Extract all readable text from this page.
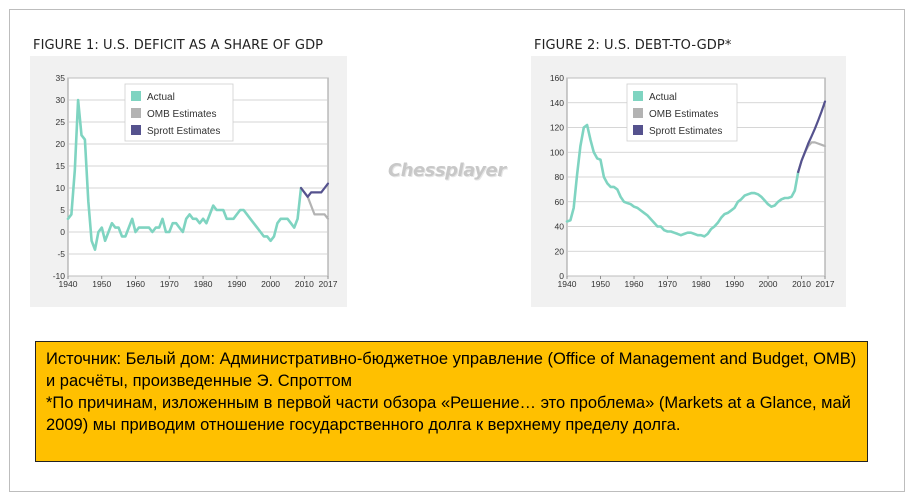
FIGURE 1: U.S. DEFICIT AS A SHARE OF GDP	FIGURE 2: U.S. DEBT-TO-GDP*
35
30
25
20
15
10
5
0
-5
-10
1940 1950 1960 1970 1980 1990 2000 2010 2017
Actual
OMB Estimates
Sprott Estimates
160
140
120
100
80
60
40
20
0
1940 1950 1960 1970 1980 1990 2000 2010 2017
Actual
OMB Estimates
Sprott Estimates
Chessplayer

Источник: Белый дом: Административно-бюджетное управление (Office of Management and Budget, OMB) и расчёты, произведенные Э. Спроттом

*По причинам, изложенным в первой части обзора «Решение… это проблема» (Markets at a Glance, май 2009) мы приводим отношение государственного долга к верхнему пределу долга.
